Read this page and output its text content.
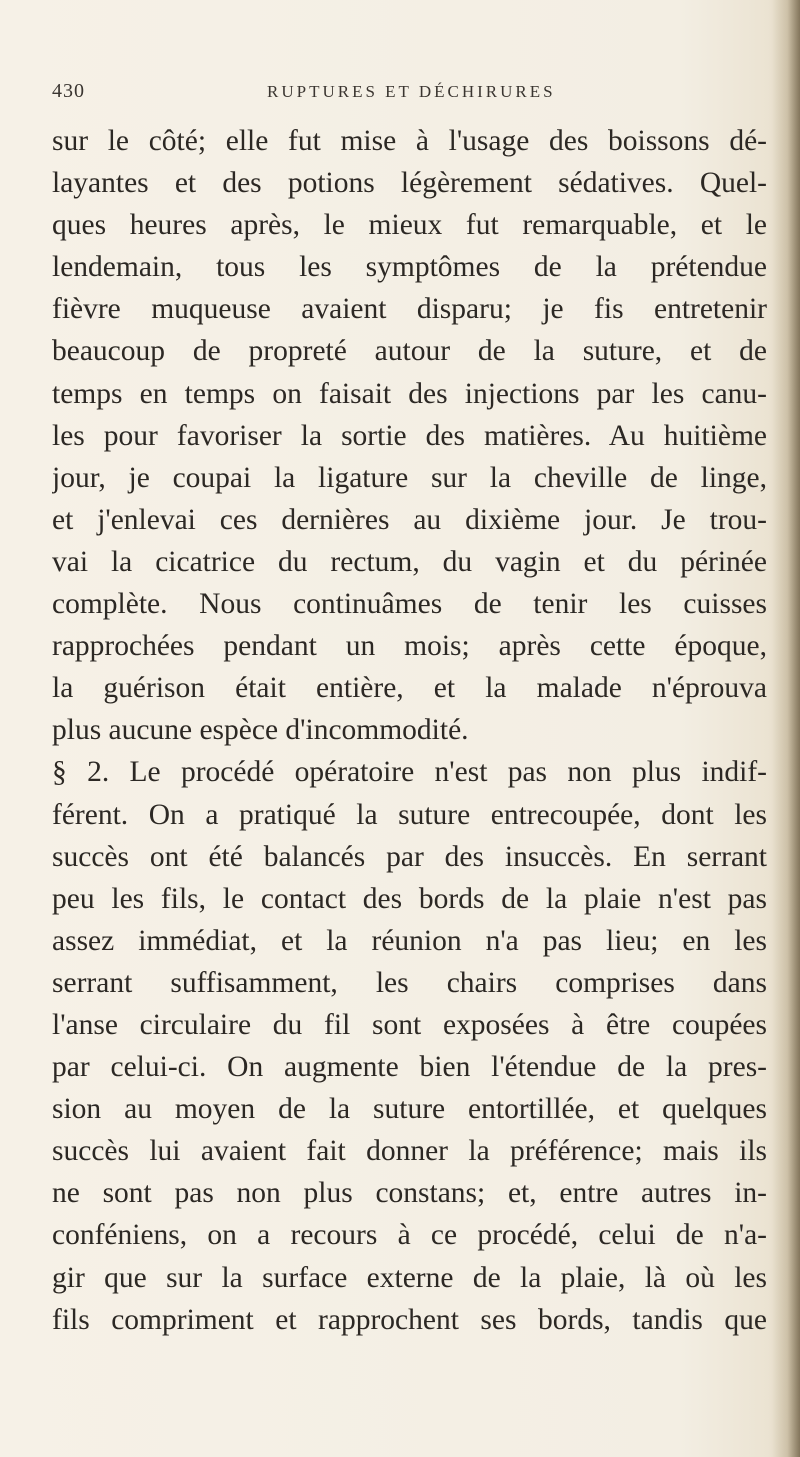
430	RUPTURES ET DÉCHIRURES
sur le côté; elle fut mise à l'usage des boissons dé-
layantes et des potions légèrement sédatives. Quel-
ques heures après, le mieux fut remarquable, et le
lendemain, tous les symptômes de la prétendue
fièvre muqueuse avaient disparu; je fis entretenir
beaucoup de propreté autour de la suture, et de
temps en temps on faisait des injections par les canu-
les pour favoriser la sortie des matières. Au huitième
jour, je coupai la ligature sur la cheville de linge,
et j'enlevai ces dernières au dixième jour. Je trou-
vai la cicatrice du rectum, du vagin et du périnée
complète. Nous continuâmes de tenir les cuisses
rapprochées pendant un mois; après cette époque,
la guérison était entière, et la malade n'éprouva
plus aucune espèce d'incommodité.
§ 2. Le procédé opératoire n'est pas non plus indif-
férent. On a pratiqué la suture entrecoupée, dont les
succès ont été balancés par des insuccès. En serrant
peu les fils, le contact des bords de la plaie n'est pas
assez immédiat, et la réunion n'a pas lieu; en les
serrant suffisamment, les chairs comprises dans
l'anse circulaire du fil sont exposées à être coupées
par celui-ci. On augmente bien l'étendue de la pres-
sion au moyen de la suture entortillée, et quelques
succès lui avaient fait donner la préférence; mais ils
ne sont pas non plus constans; et, entre autres in-
conféniens, on a recours à ce procédé, celui de n'a-
gir que sur la surface externe de la plaie, là où les
fils compriment et rapprochent ses bords, tandis que
